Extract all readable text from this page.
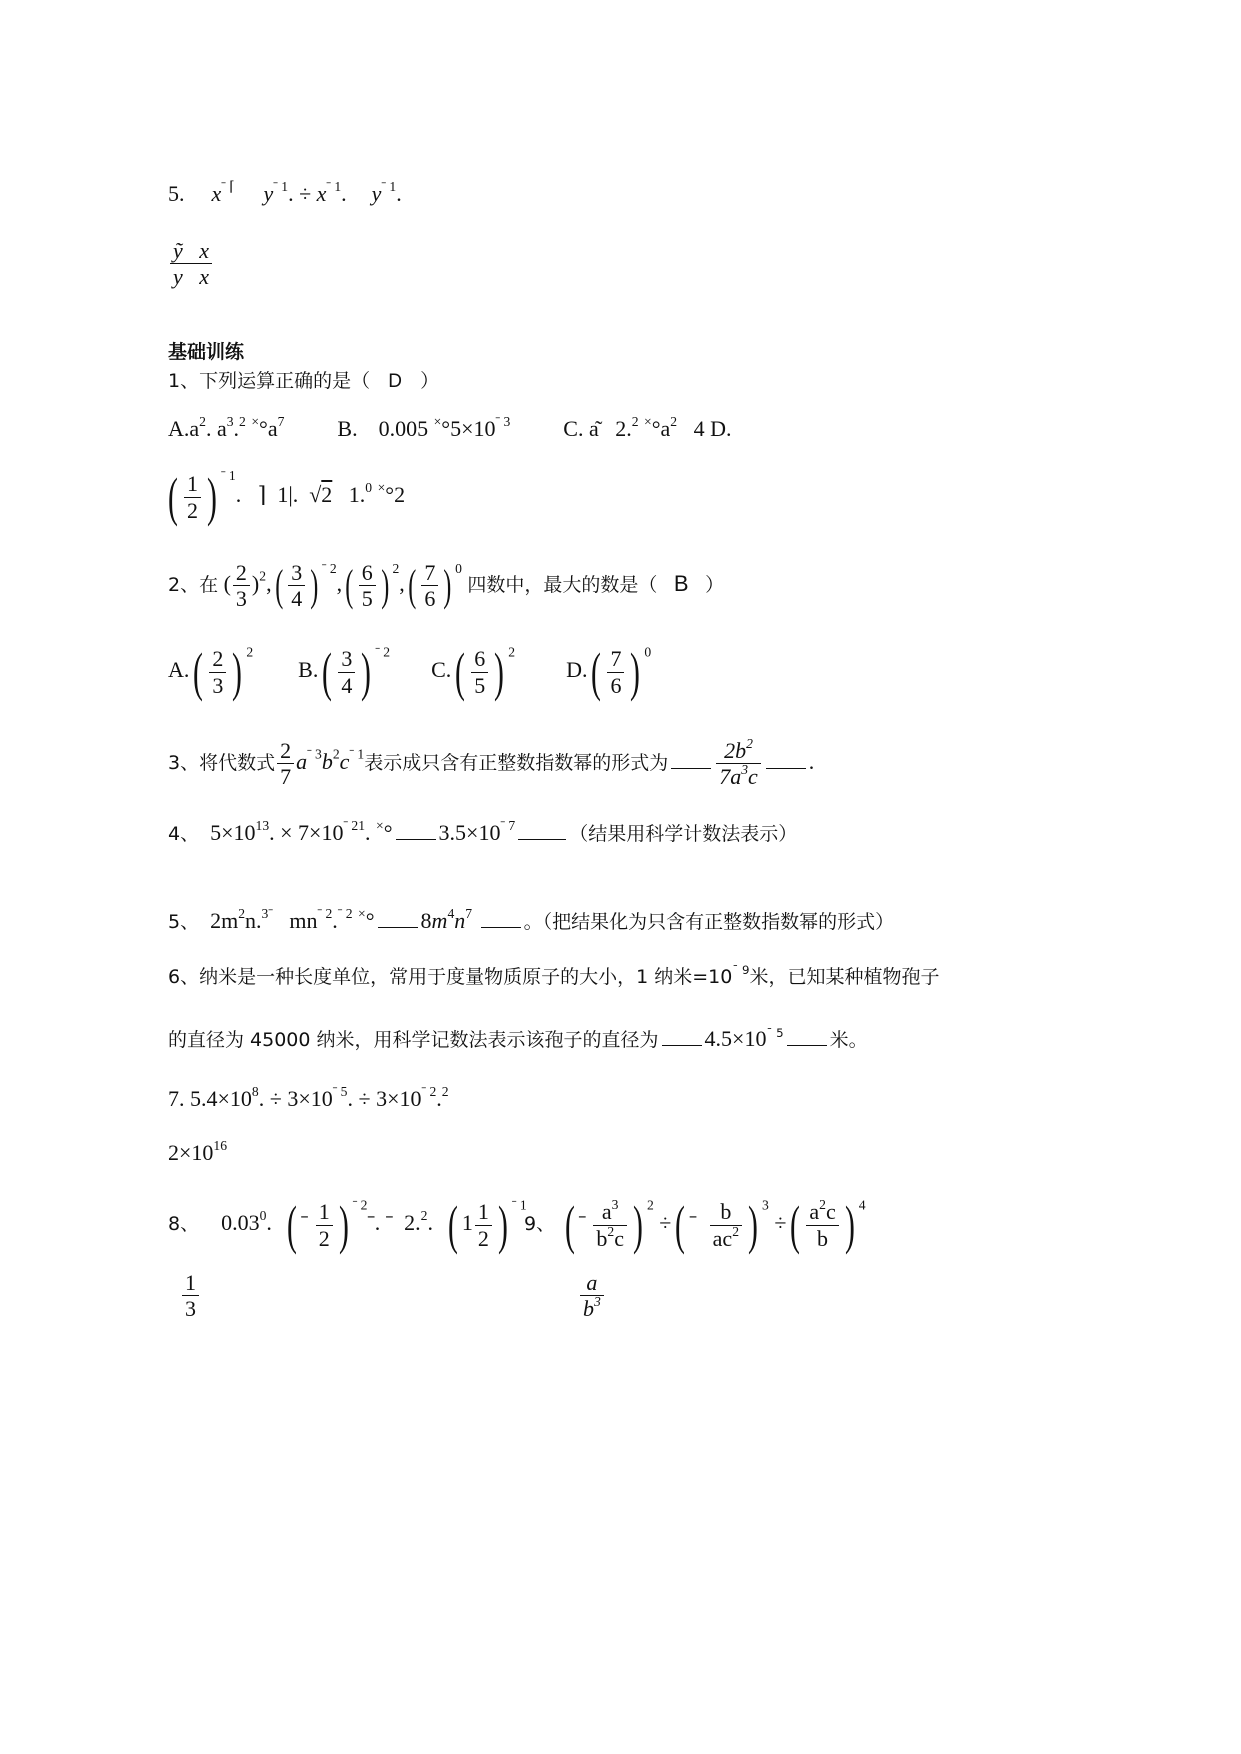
5. $x^{ˉ ⌈}$ $y^{ˉ 1}$. ÷ $x^{ˉ 1}$.  $y^{ˉ 1}$.
$\frac{ỹ x}{\text{y x}}$
基础训练
1、下列运算正确的是（ D ）
$A.a^2$. $a^3.^2$ $^\times^\circ a^7$ B. 0.005 $^\times^\circ 5\times 10^{ˉ 3}$ C. a͂   2.$^2$ $^\times^\circ a^2$   4 D.
( $\frac{1}{2}$ ) $^{ˉ 1}$.   ⌉  1|.  √2   1.$^0$ ×°2
2、在 ( $\frac{2}{3} )^2,( \frac{3}{4}$ ) $^{ˉ 2},( \frac{6}{5}$ ) $^2,( \frac{7}{6}$ ) $^0$ 四数中，最大的数是（ B ）
$A.( \frac{2}{3}$ ) $^2$  $B.( \frac{3}{4}$ ) $^{ˉ 2}$  $C.( \frac{6}{5}$ ) $^2$  $D.( \frac{7}{6}$ ) $^0$
3、将代数式 $\frac{2}{7} a^{ˉ 3}b^2c^{ˉ 1}$表示成只含有正整数指数幂的形式为 $\frac{2b^2}{7a^3c}$ .
4、  $5\times 10^{13}$. × $7\times 10^{ˉ 21}$. ×° $3.5\times 10^{ˉ 7}$	（结果用科学计数法表示）
5、  $2m^2n.^{3ˉ}$   $mn^{ˉ 2}.^{ˉ 2}$ ×° $8m^4n^7$	。（把结果化为只含有正整数指数幂的形式）
6、纳米是一种长度单位，常用于度量物质原子的大小，1 纳米$=10^{ˉ 9}$米，已知某种植物孢子
的直径为 45000 纳米，用科学记数法表示该孢子的直径为 $4.5\times 10^{ˉ 5}$ 米。
7. $5.4\times 10^8$. ÷ $3\times 10^{ˉ 5}$. ÷ $3\times 10^{ˉ 2}.^2$
$2\times 10^{16}$
8、 0.03$^0$.  ( ˉ $\frac{1}{2}$ ) $^{ˉ 2}$ˉ. ˉ  2.$^2$.  ( $1 \frac{1}{2}$ ) $^{ˉ 1}$
9、 ( ˉ $\frac{a^3}{b^2c}$ ) $^2$ ÷( ˉ $\frac{b}{ac^2}$ ) $^3$ ÷( $\frac{a^2c}{b}$ ) $^4$
$\frac{1}{3}$	$\frac{a}{b^3}$
